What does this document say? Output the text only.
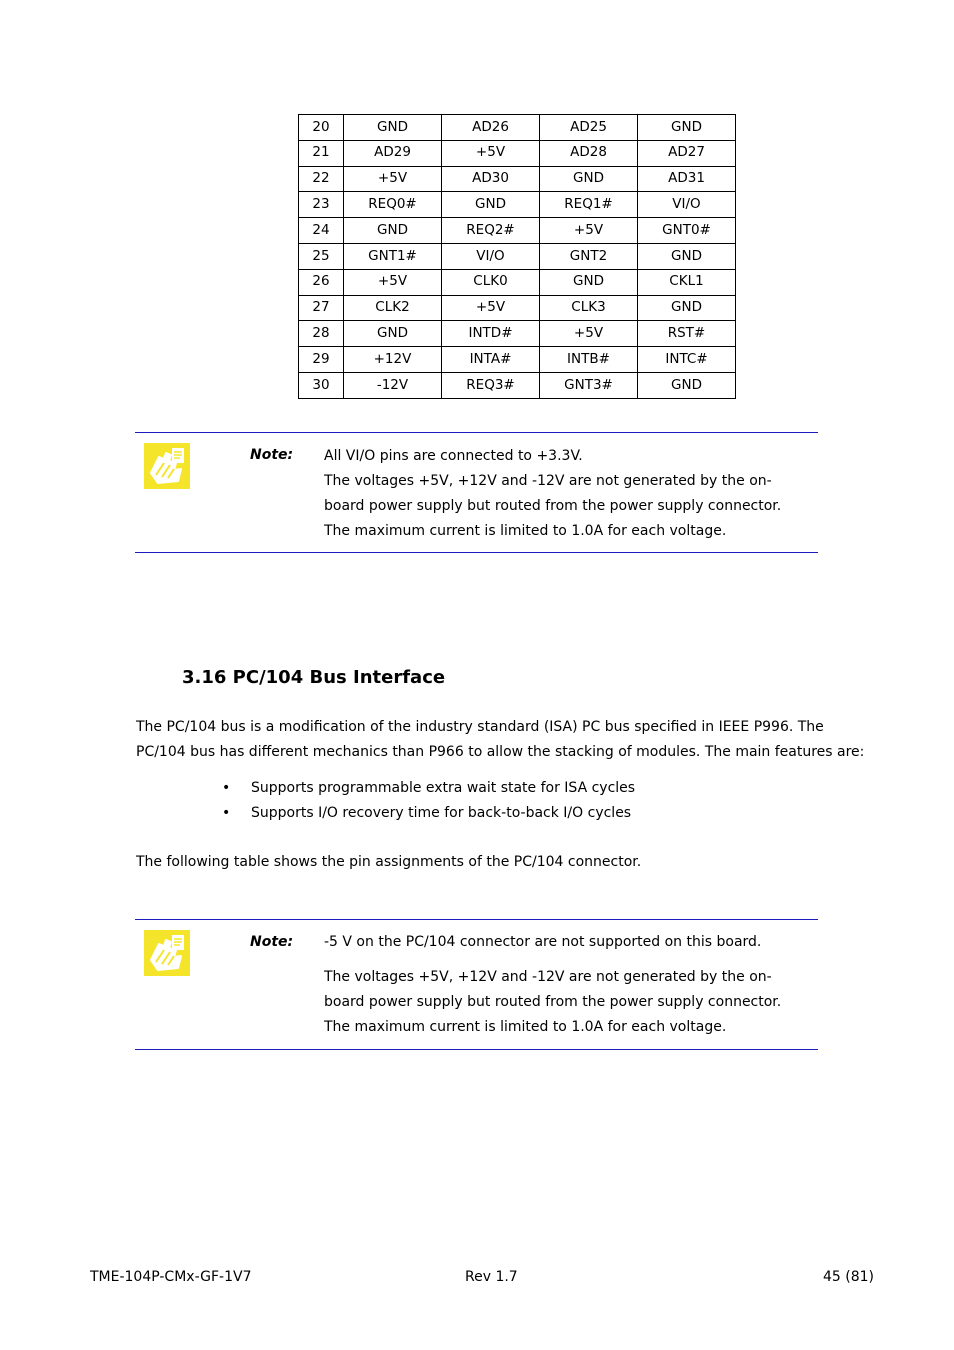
20	GND	AD26	AD25	GND
21	AD29	+5V	AD28	AD27
22	+5V	AD30	GND	AD31
23	REQ0#	GND	REQ1#	VI/O
24	GND	REQ2#	+5V	GNT0#
25	GNT1#	VI/O	GNT2	GND
26	+5V	CLK0	GND	CKL1
27	CLK2	+5V	CLK3	GND
28	GND	INTD#	+5V	RST#
29	+12V	INTA#	INTB#	INTC#
30	-12V	REQ3#	GNT3#	GND
Note: All VI/O pins are connected to +3.3V.

The voltages +5V, +12V and -12V are not generated by the on-board power supply but routed from the power supply connector. The maximum current is limited to 1.0A for each voltage.

3.16 PC/104 Bus Interface

The PC/104 bus is a modification of the industry standard (ISA) PC bus specified in IEEE P996. The PC/104 bus has different mechanics than P966 to allow the stacking of modules. The main features are:

• Supports programmable extra wait state for ISA cycles
• Supports I/O recovery time for back-to-back I/O cycles

The following table shows the pin assignments of the PC/104 connector.

Note: -5 V on the PC/104 connector are not supported on this board.

The voltages +5V, +12V and -12V are not generated by the on-board power supply but routed from the power supply connector. The maximum current is limited to 1.0A for each voltage.

TME-104P-CMx-GF-1V7	Rev 1.7	45 (81)
